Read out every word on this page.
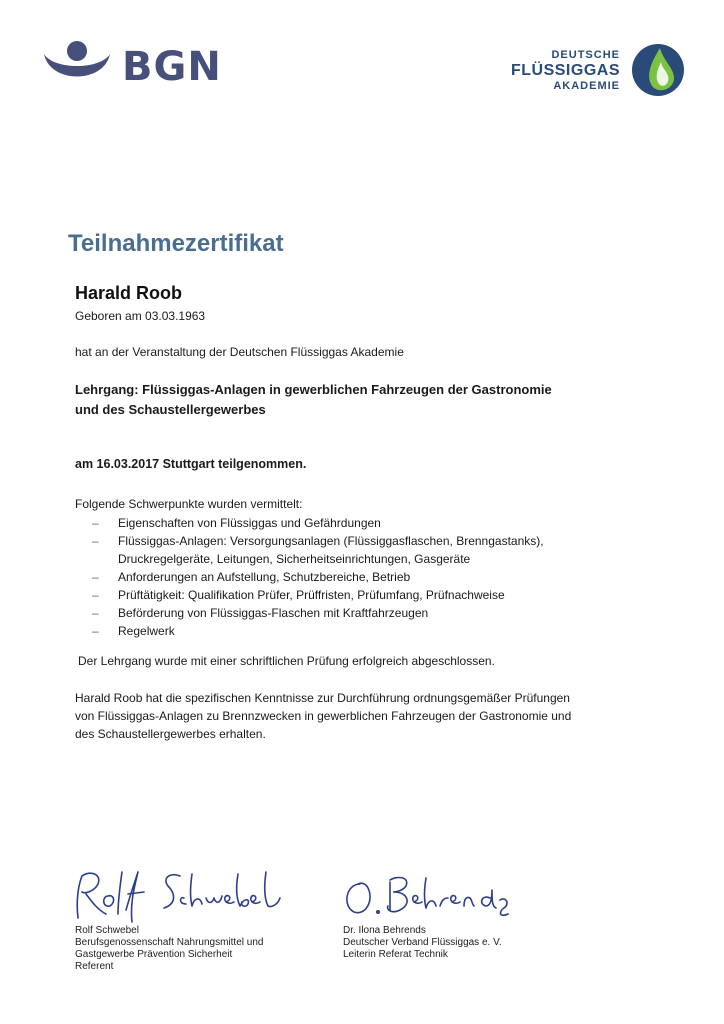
BGN	DEUTSCHE
FLÜSSIGGAS
AKADEMIE
Teilnahmezertifikat
Harald Roob
Geboren am 03.03.1963
hat an der Veranstaltung der Deutschen Flüssiggas Akademie
Lehrgang: Flüssiggas-Anlagen in gewerblichen Fahrzeugen der Gastronomie
und des Schaustellergewerbes
am 16.03.2017 Stuttgart teilgenommen.
Folgende Schwerpunkte wurden vermittelt:
– Eigenschaften von Flüssiggas und Gefährdungen
– Flüssiggas-Anlagen: Versorgungsanlagen (Flüssiggasflaschen, Brenngastanks),
Druckregelgeräte, Leitungen, Sicherheitseinrichtungen, Gasgeräte
– Anforderungen an Aufstellung, Schutzbereiche, Betrieb
– Prüftätigkeit: Qualifikation Prüfer, Prüffristen, Prüfumfang, Prüfnachweise
– Beförderung von Flüssiggas-Flaschen mit Kraftfahrzeugen
– Regelwerk
Der Lehrgang wurde mit einer schriftlichen Prüfung erfolgreich abgeschlossen.
Harald Roob hat die spezifischen Kenntnisse zur Durchführung ordnungsgemäßer Prüfungen
von Flüssiggas-Anlagen zu Brennzwecken in gewerblichen Fahrzeugen der Gastronomie und
des Schaustellergewerbes erhalten.
Rolf Schwebel
Berufsgenossenschaft Nahrungsmittel und
Gastgewerbe Prävention Sicherheit
Referent
Dr. Ilona Behrends
Deutscher Verband Flüssiggas e. V.
Leiterin Referat Technik
